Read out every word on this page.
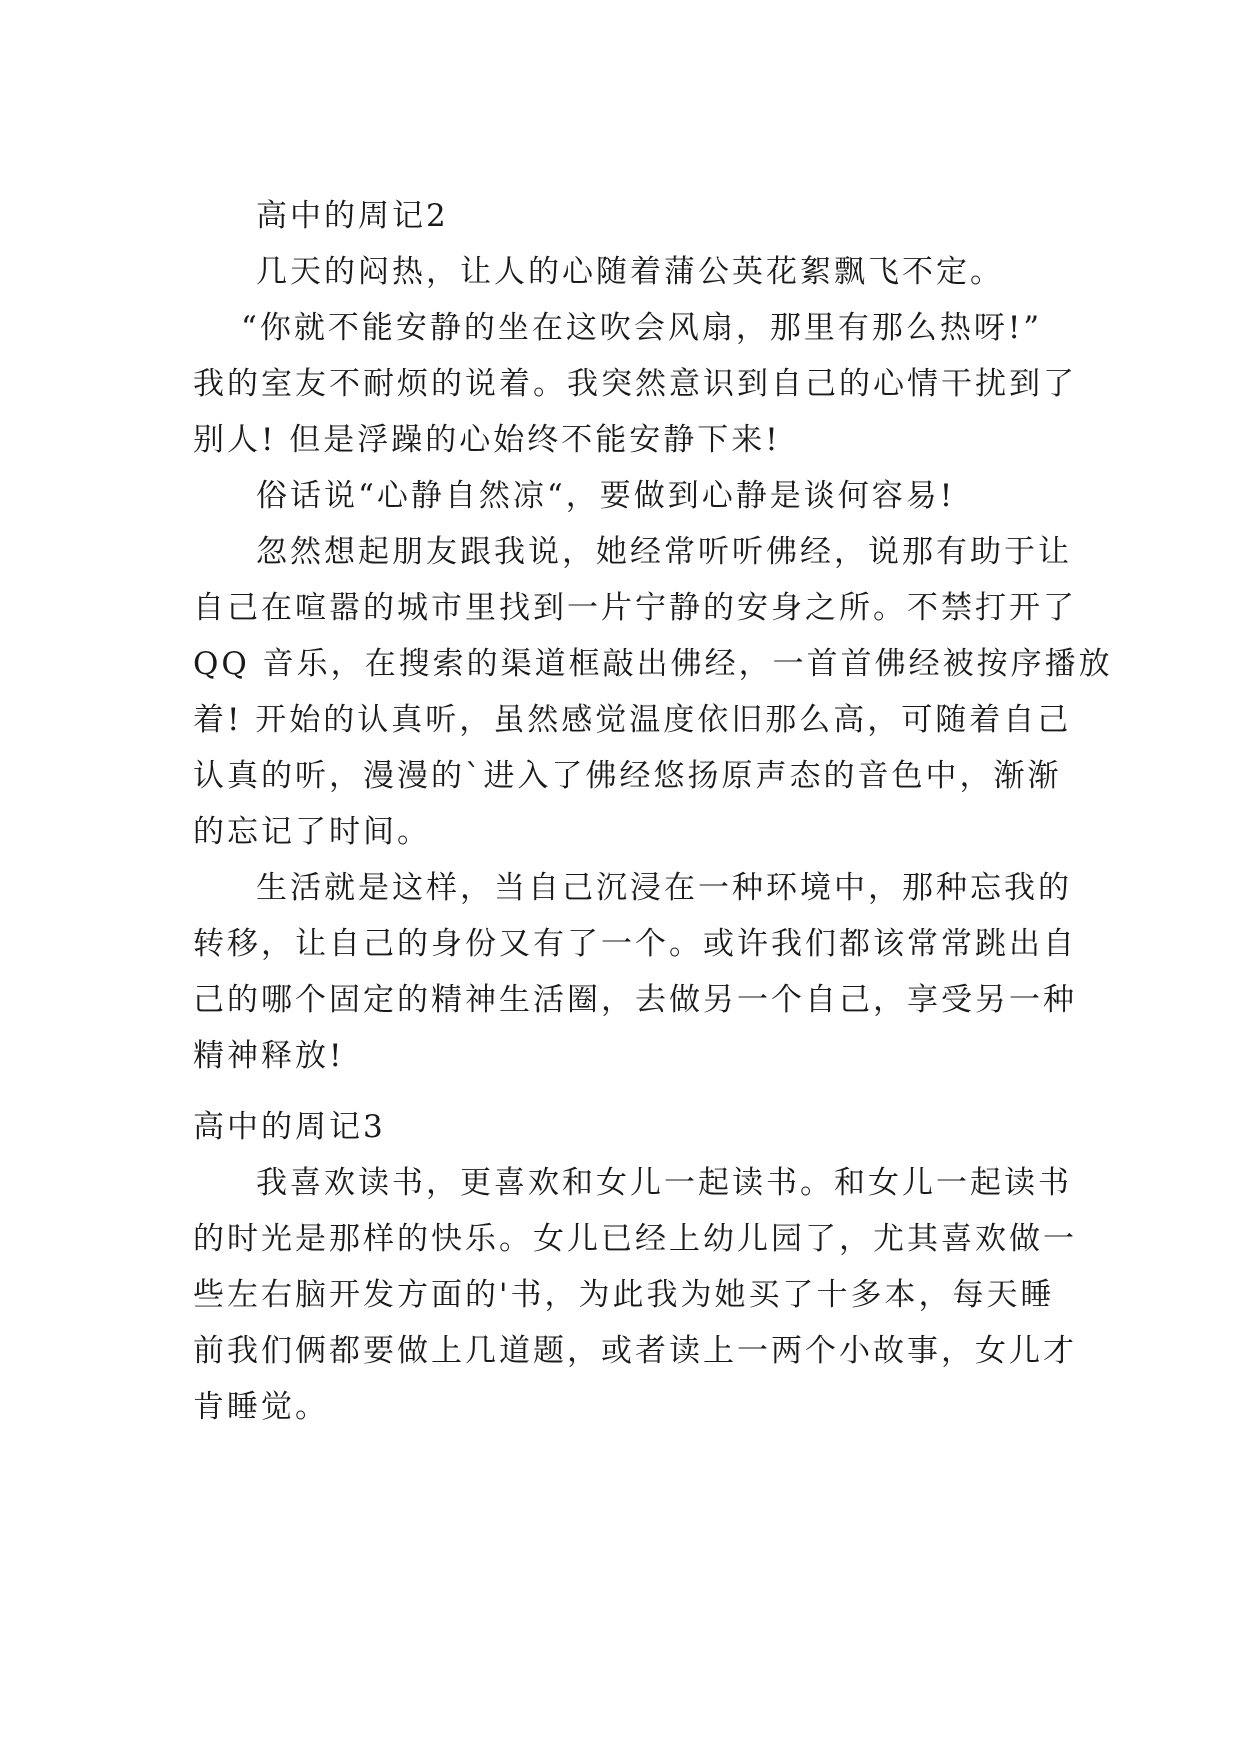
高中的周记2
几天的闷热，让人的心随着蒲公英花絮飘飞不定。
“你就不能安静的坐在这吹会风扇，那里有那么热呀!”
我的室友不耐烦的说着。我突然意识到自己的心情干扰到了
别人! 但是浮躁的心始终不能安静下来!
俗话说“心静自然凉“，要做到心静是谈何容易!
忽然想起朋友跟我说，她经常听听佛经，说那有助于让
自己在喧嚣的城市里找到一片宁静的安身之所。不禁打开了
QQ 音乐，在搜索的渠道框敲出佛经，一首首佛经被按序播放
着! 开始的认真听，虽然感觉温度依旧那么高，可随着自己
认真的听，漫漫的`进入了佛经悠扬原声态的音色中，渐渐
的忘记了时间。
生活就是这样，当自己沉浸在一种环境中，那种忘我的
转移，让自己的身份又有了一个。或许我们都该常常跳出自
己的哪个固定的精神生活圈，去做另一个自己，享受另一种
精神释放!
高中的周记3
我喜欢读书，更喜欢和女儿一起读书。和女儿一起读书
的时光是那样的快乐。女儿已经上幼儿园了，尤其喜欢做一
些左右脑开发方面的'书，为此我为她买了十多本，每天睡
前我们俩都要做上几道题，或者读上一两个小故事，女儿才
肯睡觉。
